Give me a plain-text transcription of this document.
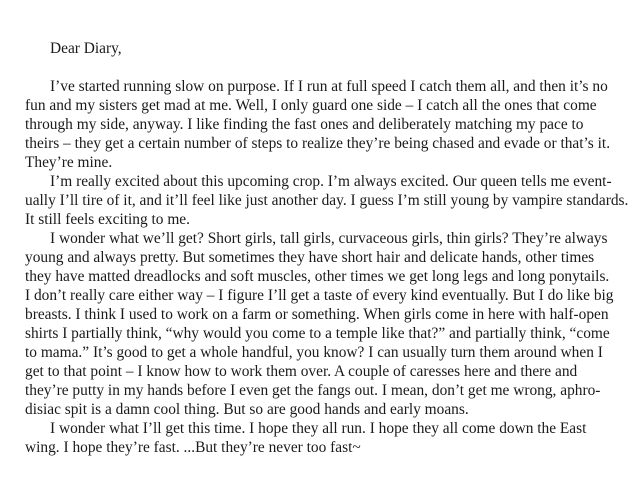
Dear Diary,

I’ve started running slow on purpose. If I run at full speed I catch them all, and then it’s no

fun and my sisters get mad at me. Well, I only guard one side – I catch all the ones that come

through my side, anyway. I like finding the fast ones and deliberately matching my pace to

theirs – they get a certain number of steps to realize they’re being chased and evade or that’s it.

They’re mine.

I’m really excited about this upcoming crop. I’m always excited. Our queen tells me event-

ually I’ll tire of it, and it’ll feel like just another day. I guess I’m still young by vampire standards.

It still feels exciting to me.

I wonder what we’ll get? Short girls, tall girls, curvaceous girls, thin girls? They’re always

young and always pretty. But sometimes they have short hair and delicate hands, other times

they have matted dreadlocks and soft muscles, other times we get long legs and long ponytails.

I don’t really care either way – I figure I’ll get a taste of every kind eventually. But I do like big

breasts. I think I used to work on a farm or something. When girls come in here with half-open

shirts I partially think, “why would you come to a temple like that?” and partially think, “come

to mama.” It’s good to get a whole handful, you know? I can usually turn them around when I

get to that point – I know how to work them over. A couple of caresses here and there and

they’re putty in my hands before I even get the fangs out. I mean, don’t get me wrong, aphro-

disiac spit is a damn cool thing. But so are good hands and early moans.

I wonder what I’ll get this time. I hope they all run. I hope they all come down the East

wing. I hope they’re fast. ...But they’re never too fast~
